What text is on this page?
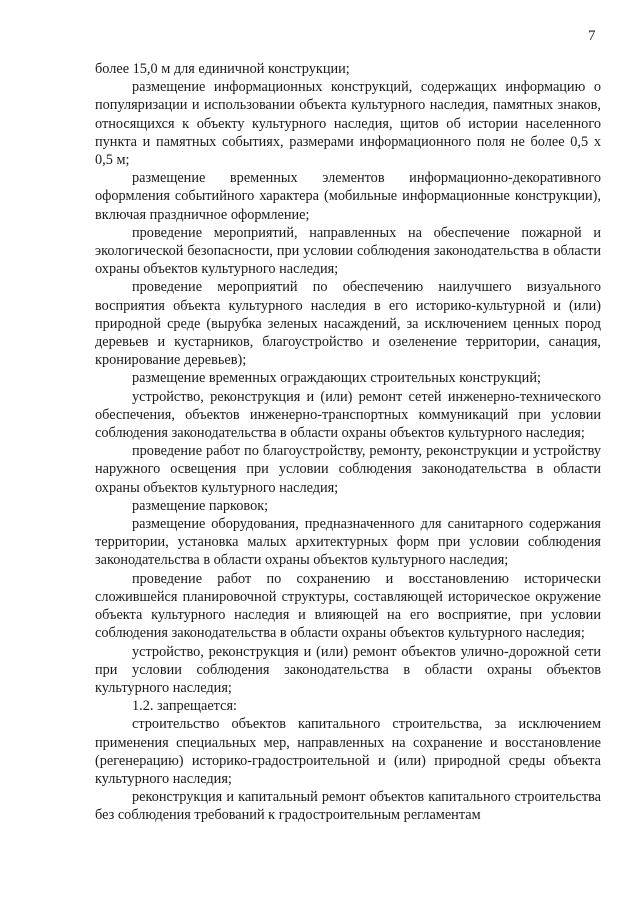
7

более 15,0 м для единичной конструкции;

размещение информационных конструкций, содержащих информацию о популяризации и использовании объекта культурного наследия, памятных знаков, относящихся к объекту культурного наследия, щитов об истории населенного пункта и памятных событиях, размерами информационного поля не более 0,5 х 0,5 м;

размещение временных элементов информационно-декоративного оформления событийного характера (мобильные информационные конструкции), включая праздничное оформление;

проведение мероприятий, направленных на обеспечение пожарной и экологической безопасности, при условии соблюдения законодательства в области охраны объектов культурного наследия;

проведение мероприятий по обеспечению наилучшего визуального восприятия объекта культурного наследия в его историко-культурной и (или) природной среде (вырубка зеленых насаждений, за исключением ценных пород деревьев и кустарников, благоустройство и озеленение территории, санация, кронирование деревьев);

размещение временных ограждающих строительных конструкций;

устройство, реконструкция и (или) ремонт сетей инженерно-технического обеспечения, объектов инженерно-транспортных коммуникаций при условии соблюдения законодательства в области охраны объектов культурного наследия;

проведение работ по благоустройству, ремонту, реконструкции и устройству наружного освещения при условии соблюдения законодательства в области охраны объектов культурного наследия;

размещение парковок;

размещение оборудования, предназначенного для санитарного содержания территории, установка малых архитектурных форм при условии соблюдения законодательства в области охраны объектов культурного наследия;

проведение работ по сохранению и восстановлению исторически сложившейся планировочной структуры, составляющей историческое окружение объекта культурного наследия и влияющей на его восприятие, при условии соблюдения законодательства в области охраны объектов культурного наследия;

устройство, реконструкция и (или) ремонт объектов улично-дорожной сети при условии соблюдения законодательства в области охраны объектов культурного наследия;

1.2. запрещается:

строительство объектов капитального строительства, за исключением применения специальных мер, направленных на сохранение и восстановление (регенерацию) историко-градостроительной и (или) природной среды объекта культурного наследия;

реконструкция и капитальный ремонт объектов капитального строительства без соблюдения требований к градостроительным регламентам
